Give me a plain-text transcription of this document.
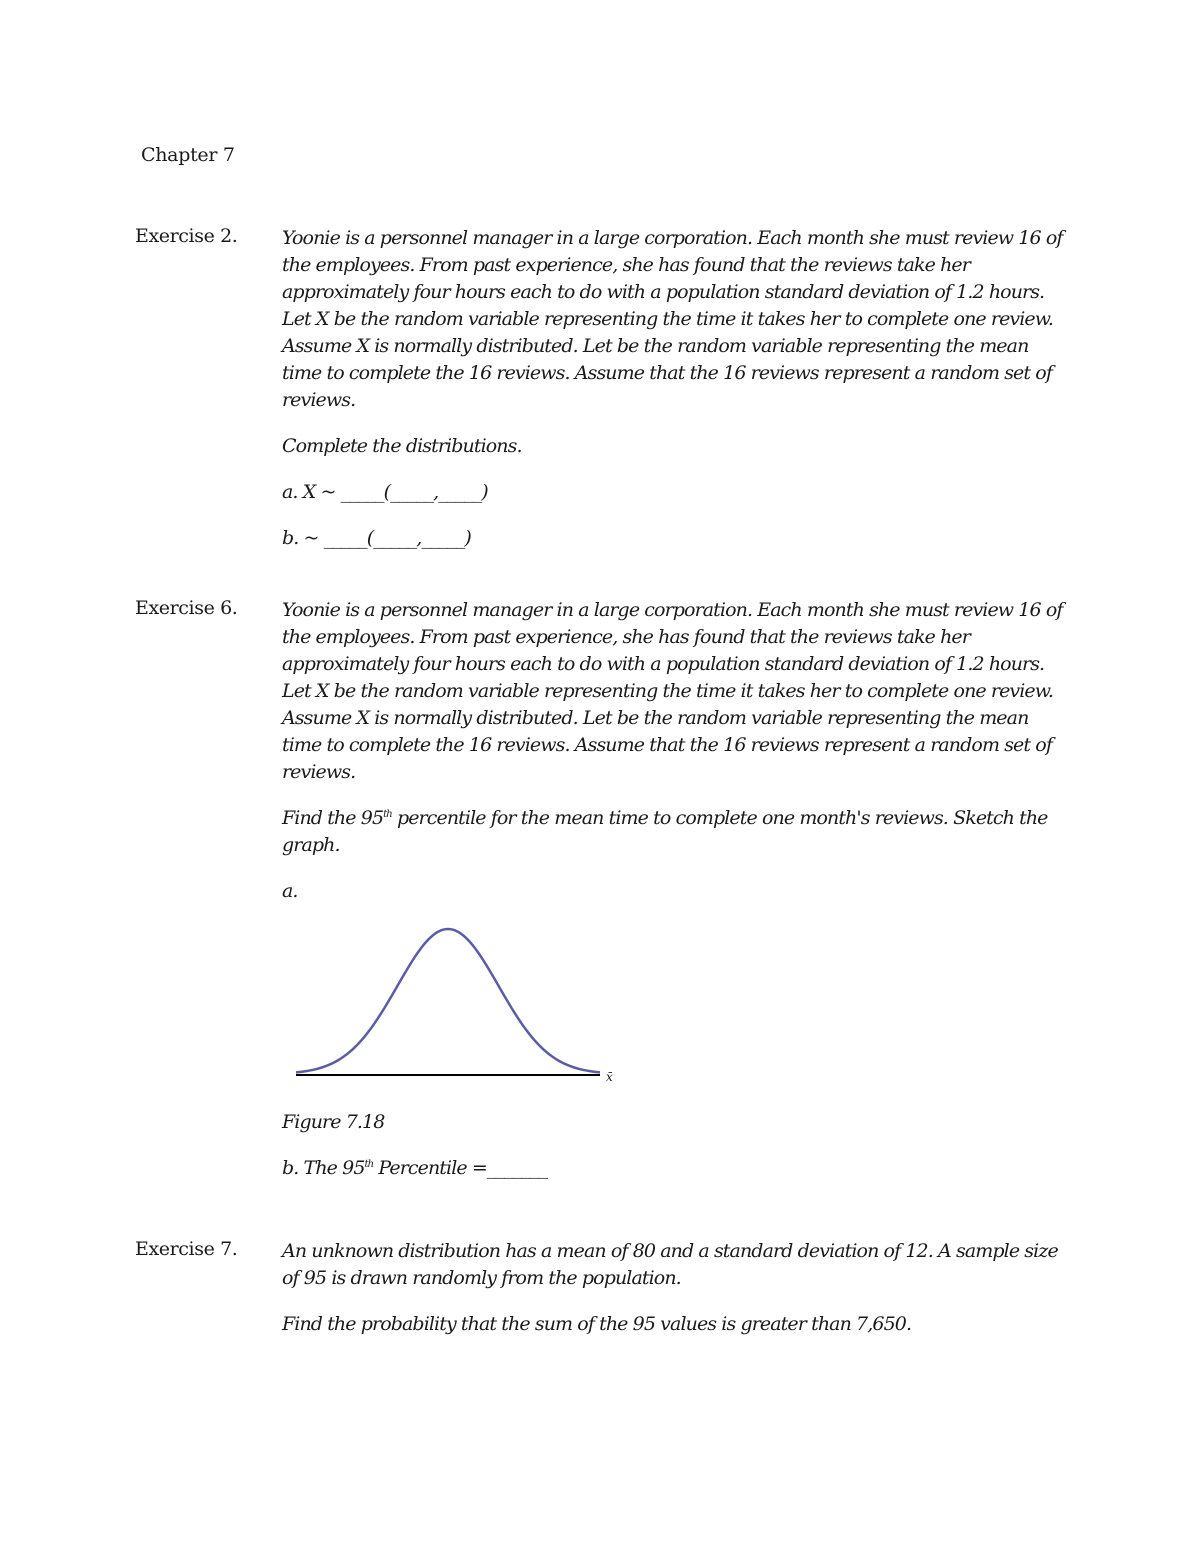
Chapter 7
Exercise 2. Yoonie is a personnel manager in a large corporation. Each month she must review 16 of the employees. From past experience, she has found that the reviews take her approximately four hours each to do with a population standard deviation of 1.2 hours. Let X be the random variable representing the time it takes her to complete one review. Assume X is normally distributed. Let be the random variable representing the mean time to complete the 16 reviews. Assume that the 16 reviews represent a random set of reviews.

Complete the distributions.

a. X ~ _____(_____,_____)

b. ~ _____(_____,_____)

Exercise 6. Yoonie is a personnel manager in a large corporation. Each month she must review 16 of the employees. From past experience, she has found that the reviews take her approximately four hours each to do with a population standard deviation of 1.2 hours. Let X be the random variable representing the time it takes her to complete one review. Assume X is normally distributed. Let be the random variable representing the mean time to complete the 16 reviews. Assume that the 16 reviews represent a random set of reviews.

Find the 95th percentile for the mean time to complete one month's reviews. Sketch the graph.

a.

x̄

Figure 7.18

b. The 95th Percentile =_______

Exercise 7. An unknown distribution has a mean of 80 and a standard deviation of 12. A sample size of 95 is drawn randomly from the population.

Find the probability that the sum of the 95 values is greater than 7,650.
